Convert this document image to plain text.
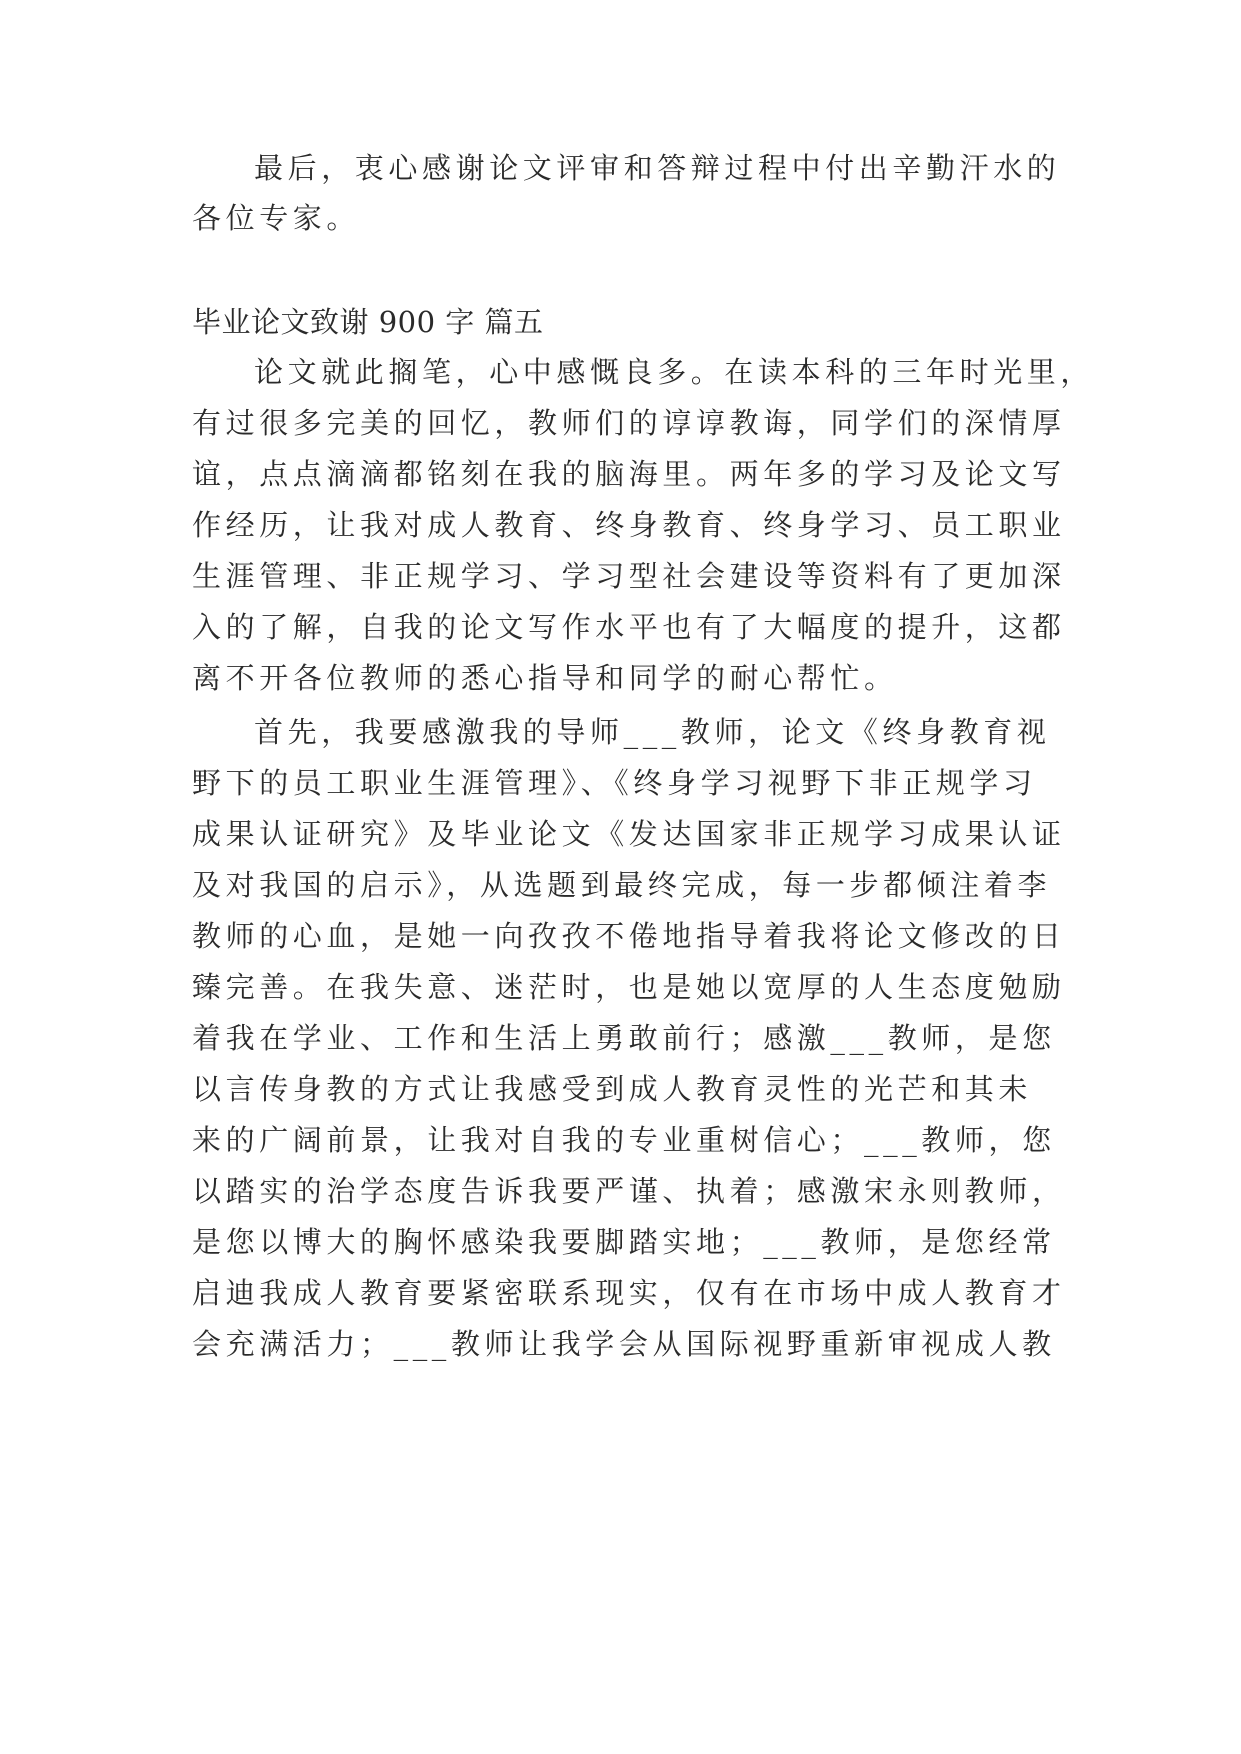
最后，衷心感谢论文评审和答辩过程中付出辛勤汗水的
各位专家。
毕业论文致谢 900 字 篇五
论文就此搁笔，心中感慨良多。在读本科的三年时光里，
有过很多完美的回忆，教师们的谆谆教诲，同学们的深情厚
谊，点点滴滴都铭刻在我的脑海里。两年多的学习及论文写
作经历，让我对成人教育、终身教育、终身学习、员工职业
生涯管理、非正规学习、学习型社会建设等资料有了更加深
入的了解，自我的论文写作水平也有了大幅度的提升，这都
离不开各位教师的悉心指导和同学的耐心帮忙。
首先，我要感激我的导师___教师，论文《终身教育视
野下的员工职业生涯管理》、《终身学习视野下非正规学习
成果认证研究》及毕业论文《发达国家非正规学习成果认证
及对我国的启示》，从选题到最终完成，每一步都倾注着李
教师的心血，是她一向孜孜不倦地指导着我将论文修改的日
臻完善。在我失意、迷茫时，也是她以宽厚的人生态度勉励
着我在学业、工作和生活上勇敢前行；感激___教师，是您
以言传身教的方式让我感受到成人教育灵性的光芒和其未
来的广阔前景，让我对自我的专业重树信心；___教师，您
以踏实的治学态度告诉我要严谨、执着；感激宋永则教师，
是您以博大的胸怀感染我要脚踏实地；___教师，是您经常
启迪我成人教育要紧密联系现实，仅有在市场中成人教育才
会充满活力；___教师让我学会从国际视野重新审视成人教
